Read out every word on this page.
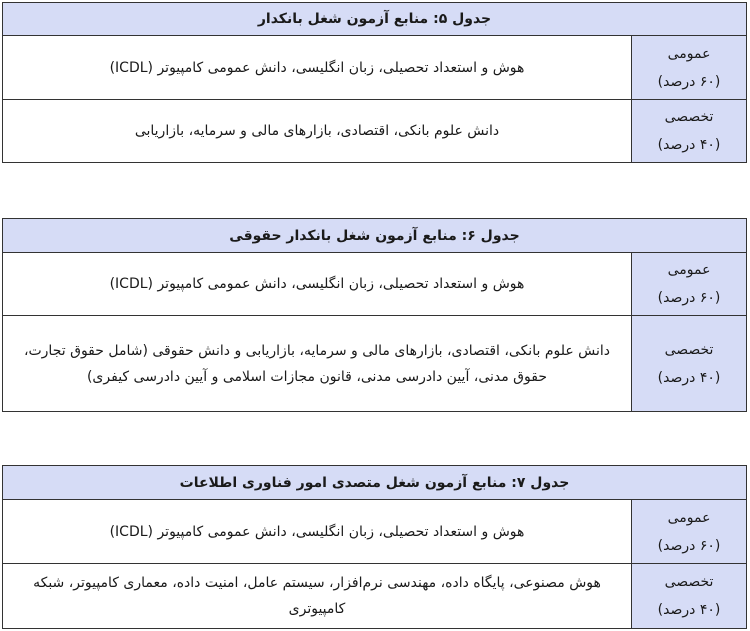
جدول ۵: منابع آزمون شغل بانکدار
عمومی
(۶۰ درصد)
هوش و استعداد تحصیلی، زبان انگلیسی، دانش عمومی کامپیوتر (ICDL)
تخصصی
(۴۰ درصد)
دانش علوم بانکی، اقتصادی، بازارهای مالی و سرمایه، بازاریابی
جدول ۶: منابع آزمون شغل بانکدار حقوقی
عمومی
(۶۰ درصد)
هوش و استعداد تحصیلی، زبان انگلیسی، دانش عمومی کامپیوتر (ICDL)
تخصصی
(۴۰ درصد)
دانش علوم بانکی، اقتصادی، بازارهای مالی و سرمایه، بازاریابی و دانش حقوقی (شامل حقوق تجارت، حقوق مدنی، آیین دادرسی مدنی، قانون مجازات اسلامی و آیین دادرسی کیفری)
جدول ۷: منابع آزمون شغل متصدی امور فناوری اطلاعات
عمومی
(۶۰ درصد)
هوش و استعداد تحصیلی، زبان انگلیسی، دانش عمومی کامپیوتر (ICDL)
تخصصی
(۴۰ درصد)
هوش مصنوعی، پایگاه داده، مهندسی نرم‌افزار، سیستم عامل، امنیت داده، معماری کامپیوتر، شبکه کامپیوتری
